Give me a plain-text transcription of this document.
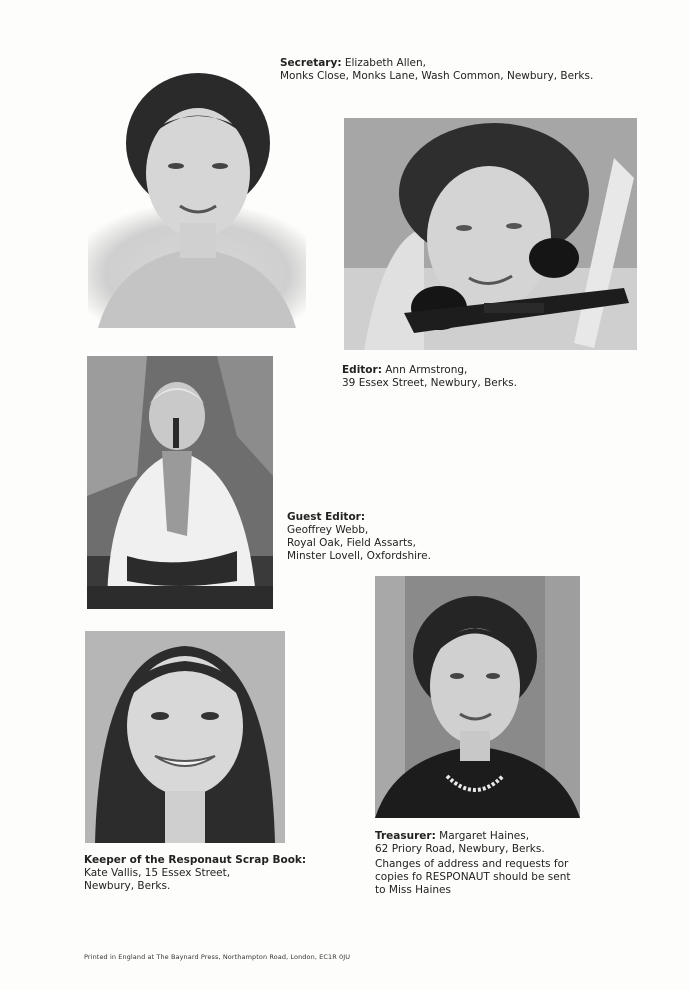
Secretary: Elizabeth Allen,
Monks Close, Monks Lane, Wash Common, Newbury, Berks.
Editor: Ann Armstrong,
39 Essex Street, Newbury, Berks.
Guest Editor:
Geoffrey Webb,
Royal Oak, Field Assarts,
Minster Lovell, Oxfordshire.
Treasurer: Margaret Haines,
62 Priory Road, Newbury, Berks.
Changes of address and requests for
copies fo RESPONAUT should be sent
to Miss Haines
Keeper of the Responaut Scrap Book:
Kate Vallis, 15 Essex Street,
Newbury, Berks.
Printed in England at The Baynard Press, Northampton Road, London, EC1R 0JU
